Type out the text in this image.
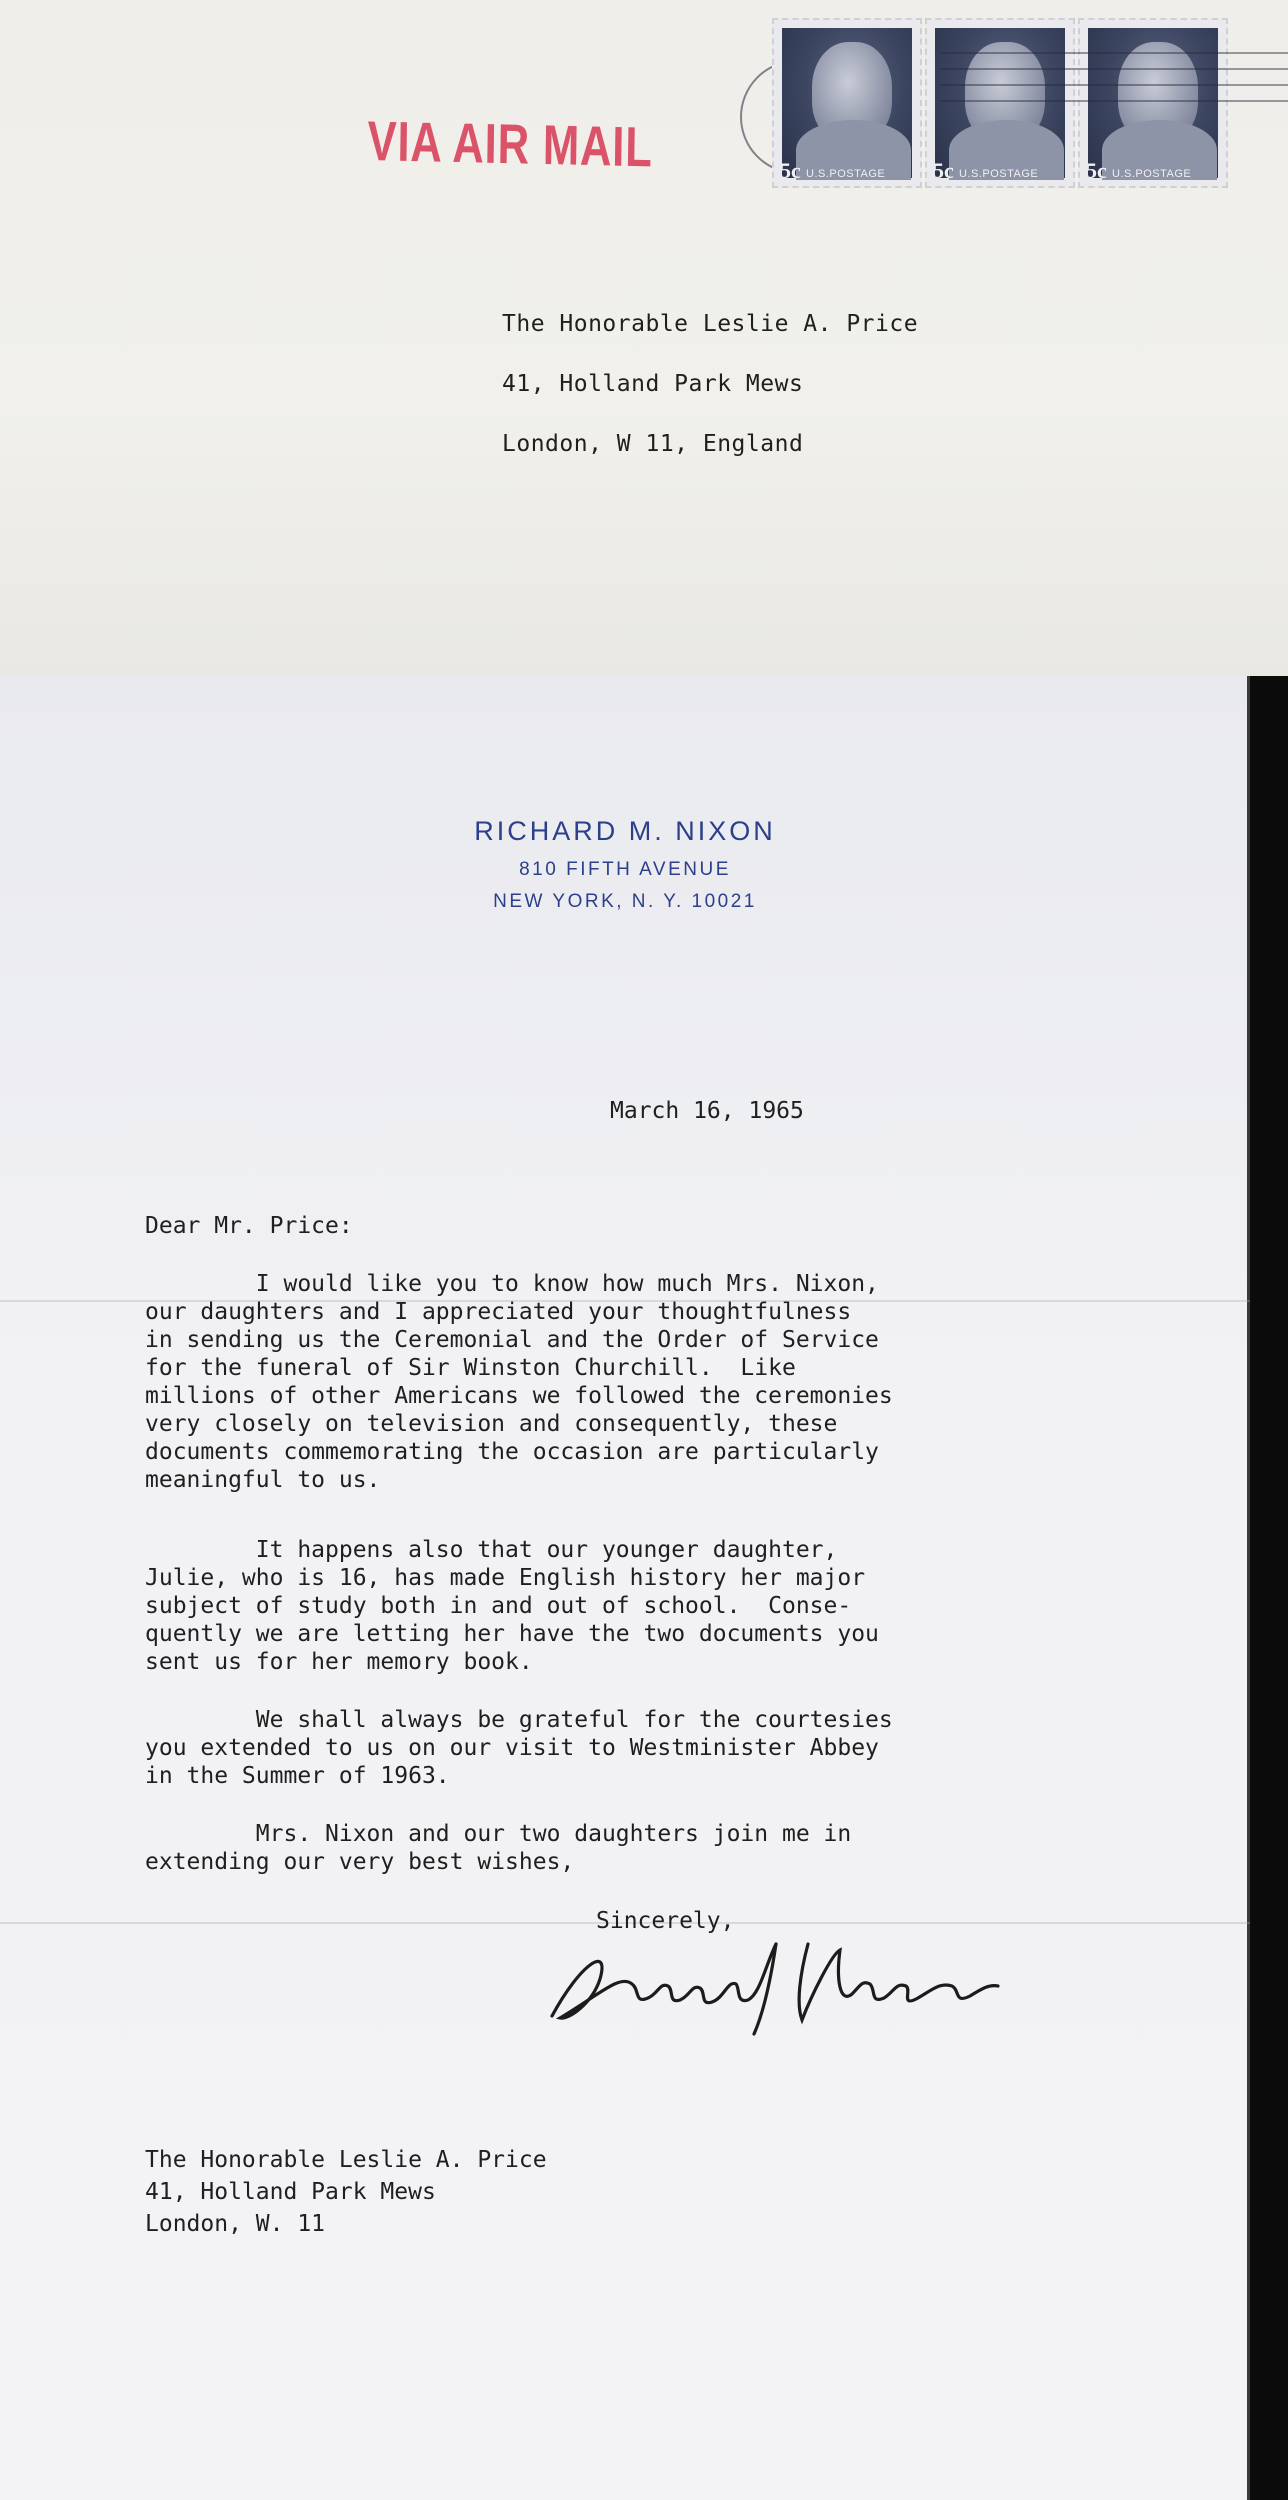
VIA AIR MAIL	5c U.S.POSTAGE 5c U.S.POSTAGE 5c U.S.POSTAGE
The Honorable Leslie A. Price
41, Holland Park Mews
London, W 11, England
RICHARD M. NIXON
810 FIFTH AVENUE
NEW YORK, N. Y. 10021
March 16, 1965
Dear Mr. Price:
I would like you to know how much Mrs. Nixon,
our daughters and I appreciated your thoughtfulness
in sending us the Ceremonial and the Order of Service
for the funeral of Sir Winston Churchill.  Like
millions of other Americans we followed the ceremonies
very closely on television and consequently, these
documents commemorating the occasion are particularly
meaningful to us.
It happens also that our younger daughter,
Julie, who is 16, has made English history her major
subject of study both in and out of school.  Conse-
quently we are letting her have the two documents you
sent us for her memory book.
We shall always be grateful for the courtesies
you extended to us on our visit to Westminister Abbey
in the Summer of 1963.
Mrs. Nixon and our two daughters join me in
extending our very best wishes,
Sincerely,
The Honorable Leslie A. Price
41, Holland Park Mews
London, W. 11
